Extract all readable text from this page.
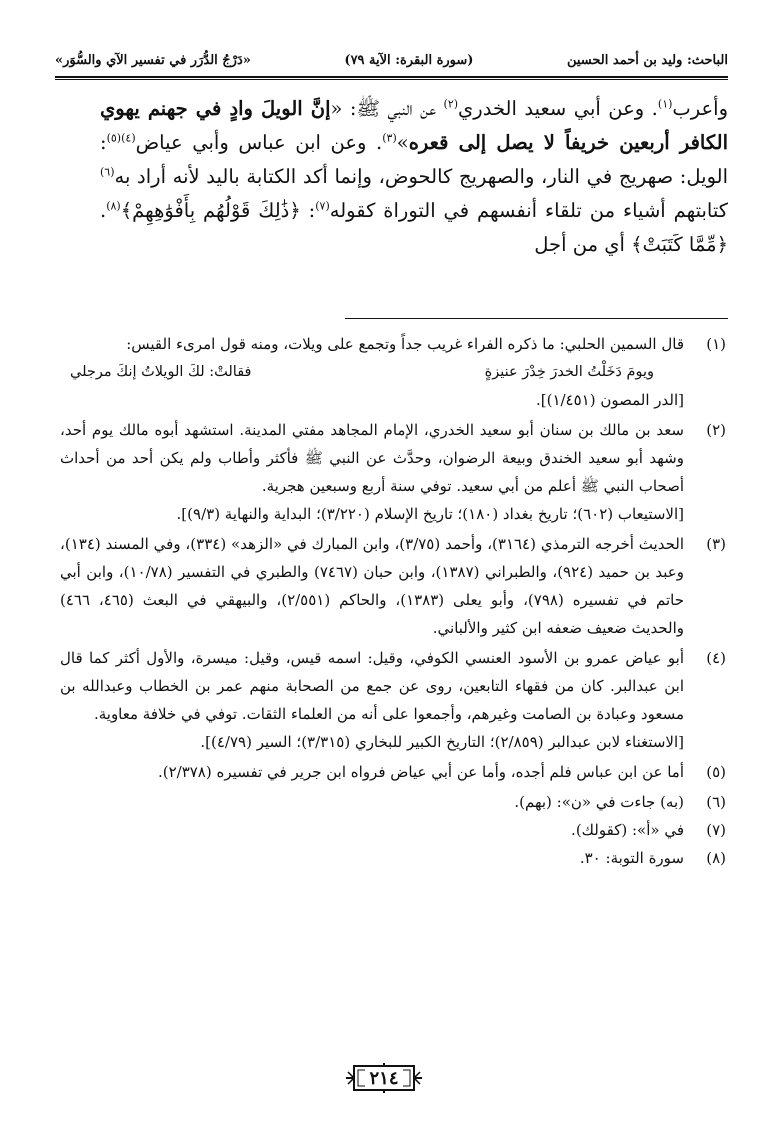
الباحث: وليد بن أحمد الحسين
(سورة البقرة: الآية ٧٩)
«دَرْجُ الدُّرَر في تفسير الآي والسُّوَر»

وأعرب$^{(١)}$. وعن أبي سعيد الخدري$^{(٢)}$ عن النبي ﷺ: «إنَّ الويلَ وادٍ في جهنم يهوي الكافر أربعين خريفاً لا يصل إلى قعره»$^{(٣)}$. وعن ابن عباس وأبي عياض$^{(٤)(٥)}$: الويل: صهريج في النار، والصهريج كالحوض، وإنما أكد الكتابة باليد لأنه أراد به$^{(٦)}$ كتابتهم أشياء من تلقاء أنفسهم في التوراة كقوله$^{(٧)}$: ﴿ذَٰلِكَ قَوْلُهُم بِأَفْوَٰهِهِمْ﴾$^{(٨)}$. ﴿مِّمَّا كَتَبَتْ﴾ أي من أجل

(١)
قال السمين الحلبي: ما ذكره الفراء غريب جداً وتجمع على ويلات، ومنه قول امرىء القيس:
ويومَ دَخَلْتُ الخدرَ خِدْرَ عنيزةٍ
فقالتْ: لكَ الويلاتُ إنكَ مرجلي
[الدر المصون (١/٤٥١)].
(٢)
سعد بن مالك بن سنان أبو سعيد الخدري، الإمام المجاهد مفتي المدينة. استشهد أبوه مالك يوم أحد، وشهد أبو سعيد الخندق وبيعة الرضوان، وحدَّث عن النبي ﷺ فأكثر وأطاب ولم يكن أحد من أحداث أصحاب النبي ﷺ أعلم من أبي سعيد. توفي سنة أربع وسبعين هجرية.
[الاستيعاب (٦٠٢)؛ تاريخ بغداد (١٨٠)؛ تاريخ الإسلام (٣/٢٢٠)؛ البداية والنهاية (٩/٣)].
(٣)
الحديث أخرجه الترمذي (٣١٦٤)، وأحمد (٣/٧٥)، وابن المبارك في «الزهد» (٣٣٤)، وفي المسند (١٣٤)، وعبد بن حميد (٩٢٤)، والطبراني (١٣٨٧)، وابن حبان (٧٤٦٧) والطبري في التفسير (١٠/٧٨)، وابن أبي حاتم في تفسيره (٧٩٨)، وأبو يعلى (١٣٨٣)، والحاكم (٢/٥٥١)، والبيهقي في البعث (٤٦٥، ٤٦٦) والحديث ضعيف ضعفه ابن كثير والألباني.
(٤)
أبو عياض عمرو بن الأسود العنسي الكوفي، وقيل: اسمه قيس، وقيل: ميسرة، والأول أكثر كما قال ابن عبدالبر. كان من فقهاء التابعين، روى عن جمع من الصحابة منهم عمر بن الخطاب وعبدالله بن مسعود وعبادة بن الصامت وغيرهم، وأجمعوا على أنه من العلماء الثقات. توفي في خلافة معاوية.
[الاستغناء لابن عبدالبر (٢/٨٥٩)؛ التاريخ الكبير للبخاري (٣/٣١٥)؛ السير (٤/٧٩)].
(٥)
أما عن ابن عباس فلم أجده، وأما عن أبي عياض فرواه ابن جرير في تفسيره (٢/٣٧٨).
(٦)
(به) جاءت في «ن»: (بهم).
(٧)
في «أ»: (كقولك).
(٨)
سورة التوبة: ٣٠.
٢١٤
